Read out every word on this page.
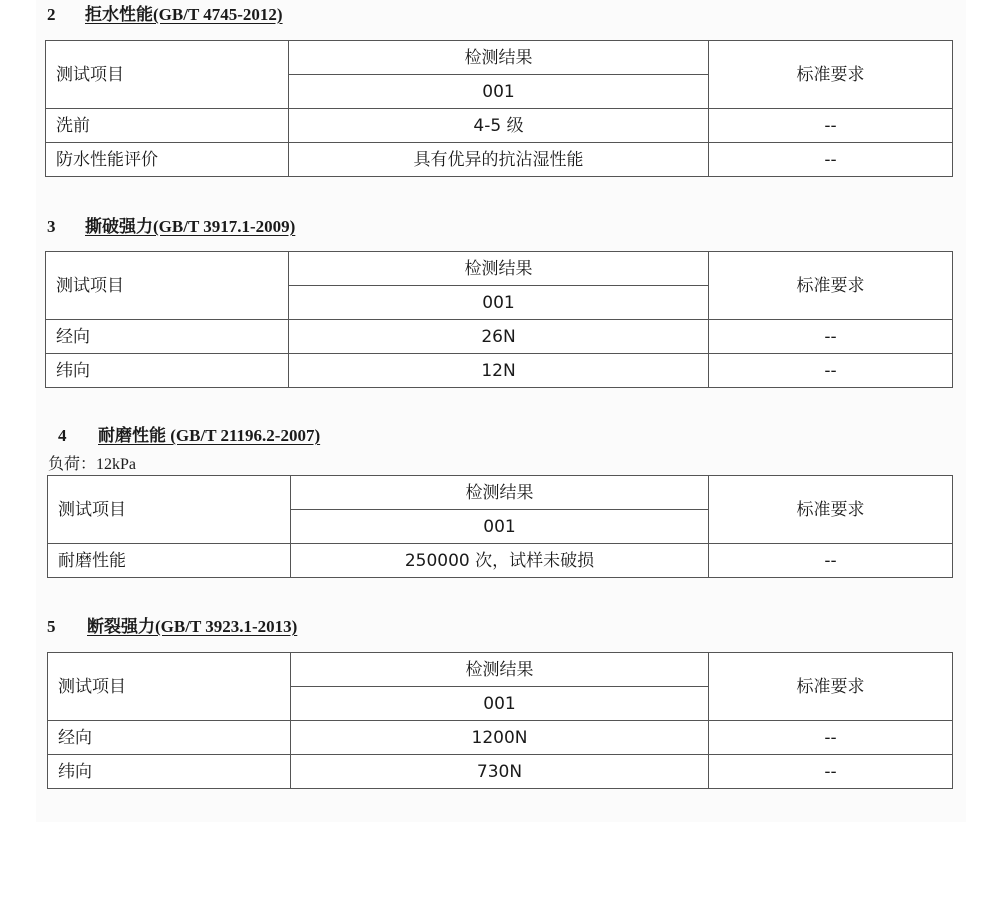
2 拒水性能(GB/T 4745-2012)
测试项目	检测结果	标准要求
	001	
洗前	4-5 级	--
防水性能评价	具有优异的抗沾湿性能	--
3 撕破强力(GB/T 3917.1-2009)
测试项目	检测结果	标准要求
	001	
经向	26N	--
纬向	12N	--
4 耐磨性能 (GB/T 21196.2-2007)
负荷：12kPa
测试项目	检测结果	标准要求
	001	
耐磨性能	250000 次，试样未破损	--
5 断裂强力(GB/T 3923.1-2013)
测试项目	检测结果	标准要求
	001	
经向	1200N	--
纬向	730N	--
